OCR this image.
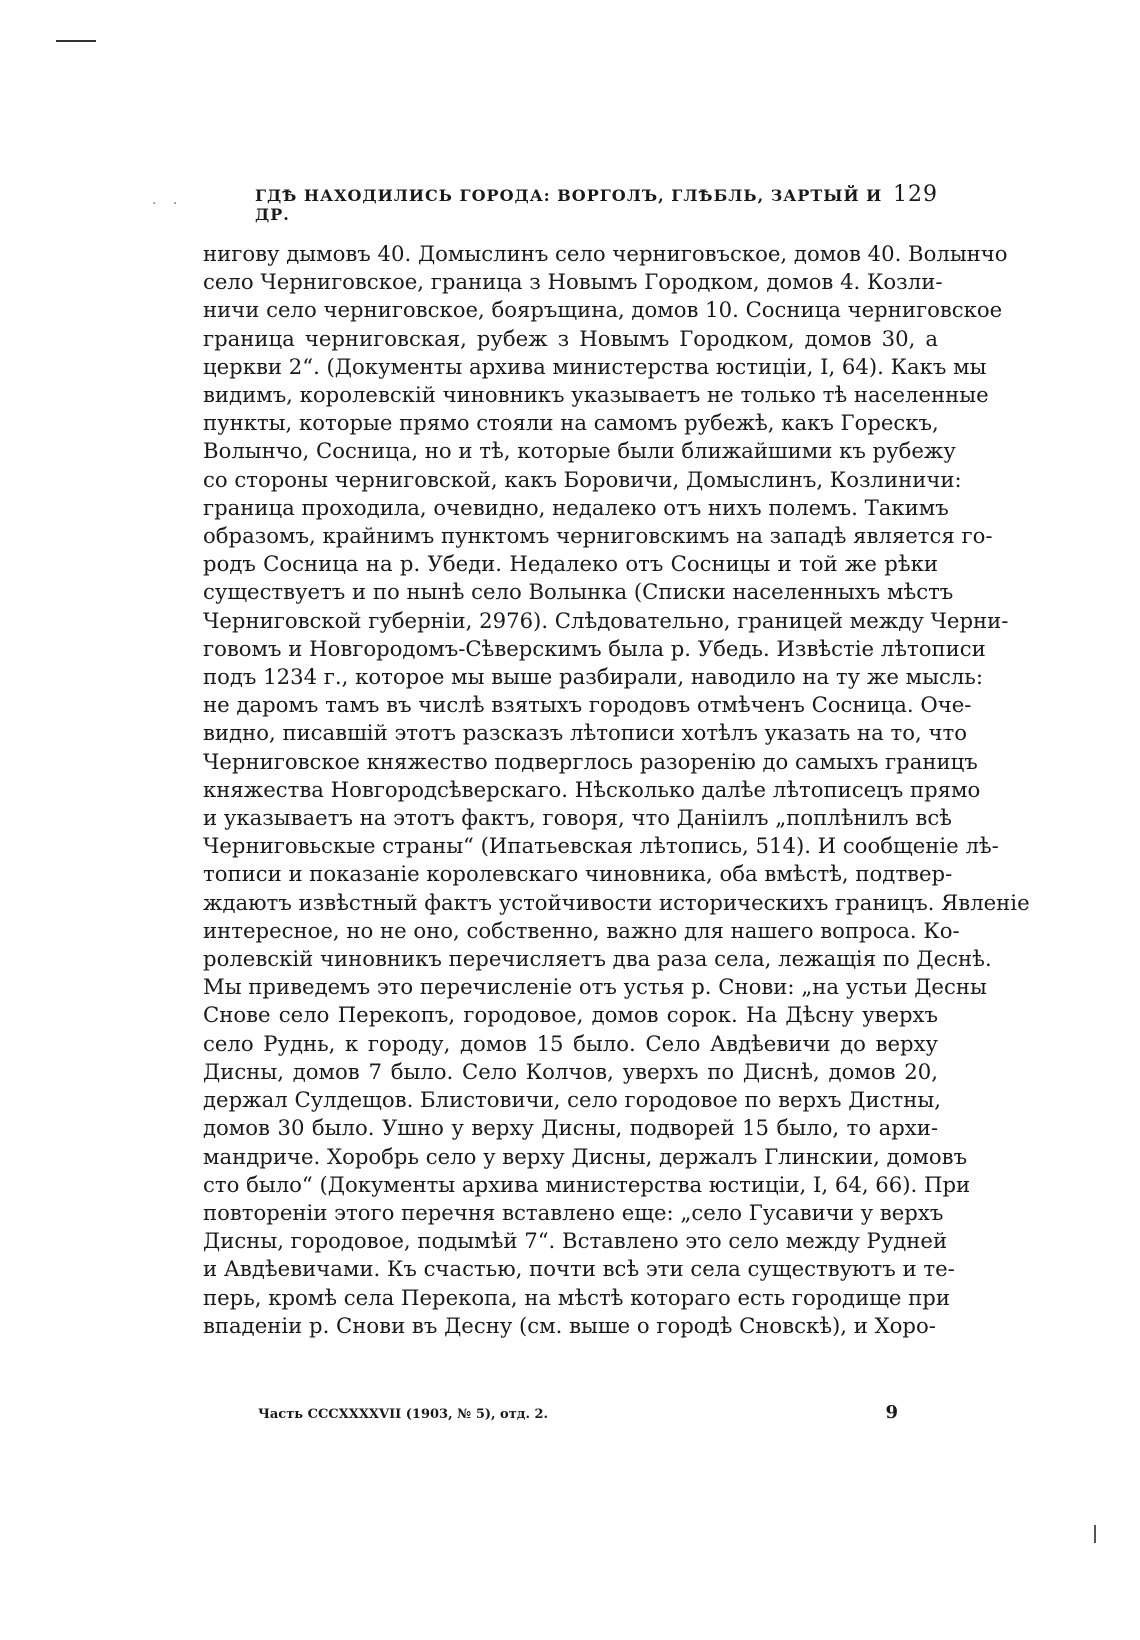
. .	ГДѢ НАХОДИЛИСЬ ГОРОДА: ВОРГОЛЪ, ГЛѢБЛЬ, ЗАРТЫЙ И ДР.
129
нигову дымовъ 40. Домыслинъ село черниговъское, домов 40. Волынчо
село Черниговское, граница з Новымъ Городком, домов 4. Козли-
ничи село черниговское, бояръщина, домов 10. Сосница черниговское
граница черниговская, рубеж з Новымъ Городком, домов 30, а
церкви 2“. (Документы архива министерства юстиціи, I, 64). Какъ мы
видимъ, королевскій чиновникъ указываетъ не только тѣ населенные
пункты, которые прямо стояли на самомъ рубежѣ, какъ Горескъ,
Волынчо, Сосница, но и тѣ, которые были ближайшими къ рубежу
со стороны черниговской, какъ Боровичи, Домыслинъ, Козлиничи:
граница проходила, очевидно, недалеко отъ нихъ полемъ. Такимъ
образомъ, крайнимъ пунктомъ черниговскимъ на западѣ является го-
родъ Сосница на р. Убеди. Недалеко отъ Сосницы и той же рѣки
существуетъ и по нынѣ село Волынка (Списки населенныхъ мѣстъ
Черниговской губерніи, 2976). Слѣдовательно, границей между Черни-
говомъ и Новгородомъ-Сѣверскимъ была р. Убедь. Извѣстіе лѣтописи
подъ 1234 г., которое мы выше разбирали, наводило на ту же мысль:
не даромъ тамъ въ числѣ взятыхъ городовъ отмѣченъ Сосница. Оче-
видно, писавшій этотъ разсказъ лѣтописи хотѣлъ указать на то, что
Черниговское княжество подверглось разоренію до самыхъ границъ
княжества Новгородсѣверскаго. Нѣсколько далѣе лѣтописецъ прямо
и указываетъ на этотъ фактъ, говоря, что Даніилъ „поплѣнилъ всѣ
Черниговьскые страны“ (Ипатьевская лѣтопись, 514). И сообщеніе лѣ-
тописи и показаніе королевскаго чиновника, оба вмѣстѣ, подтвер-
ждаютъ извѣстный фактъ устойчивости историческихъ границъ. Явленіе
интересное, но не оно, собственно, важно для нашего вопроса. Ко-
ролевскій чиновникъ перечисляетъ два раза села, лежащія по Деснѣ.
Мы приведемъ это перечисленіе отъ устья р. Снови: „на устьи Десны
Снове село Перекопъ, городовое, домов сорок. На Дѣсну уверхъ
село Руднь, к городу, домов 15 было. Село Авдѣевичи до верху
Дисны, домов 7 было. Село Колчов, уверхъ по Диснѣ, домов 20,
держал Сулдещов. Блистовичи, село городовое по верхъ Дистны,
домов 30 было. Ушно у верху Дисны, подворей 15 было, то архи-
мандриче. Хоробрь село у верху Дисны, держалъ Глинскии, домовъ
сто было“ (Документы архива министерства юстиціи, I, 64, 66). При
повтореніи этого перечня вставлено еще: „село Гусавичи у верхъ
Дисны, городовое, подымѣй 7“. Вставлено это село между Рудней
и Авдѣевичами. Къ счастью, почти всѣ эти села существуютъ и те-
перь, кромѣ села Перекопа, на мѣстѣ котораго есть городище при
впаденіи р. Снови въ Десну (см. выше о городѣ Сновскѣ), и Хоро-
Часть CCCXXXXVII (1903, № 5), отд. 2.	9
